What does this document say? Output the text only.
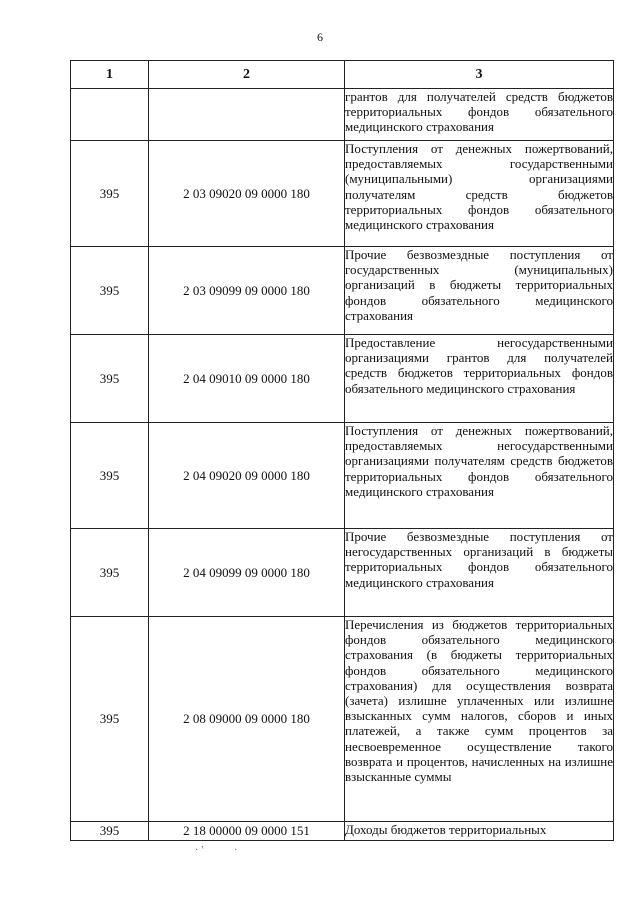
6
1	2	3
		грантов для получателей средств бюджетов территориальных фондов обязательного медицинского страхования
395	2 03 09020 09 0000 180	Поступления от денежных пожертвований, предоставляемых государственными (муниципальными) организациями получателям средств бюджетов территориальных фондов обязательного медицинского страхования
395	2 03 09099 09 0000 180	Прочие безвозмездные поступления от государственных (муниципальных) организаций в бюджеты территориальных фондов обязательного медицинского страхования
395	2 04 09010 09 0000 180	Предоставление негосударственными организациями грантов для получателей средств бюджетов территориальных фондов обязательного медицинского страхования
395	2 04 09020 09 0000 180	Поступления от денежных пожертвований, предоставляемых негосударственными организациями получателям средств бюджетов территориальных фондов обязательного медицинского страхования
395	2 04 09099 09 0000 180	Прочие безвозмездные поступления от негосударственных организаций в бюджеты территориальных фондов обязательного медицинского страхования
395	2 08 09000 09 0000 180	Перечисления из бюджетов территориальных фондов обязательного медицинского страхования (в бюджеты территориальных фондов обязательного медицинского страхования) для осуществления возврата (зачета) излишне уплаченных или излишне взысканных сумм налогов, сборов и иных платежей, а также сумм процентов за несвоевременное осуществление такого возврата и процентов, начисленных на излишне взысканные суммы
395	2 18 00000 09 0000 151	Доходы бюджетов территориальных
· ‛            ·
